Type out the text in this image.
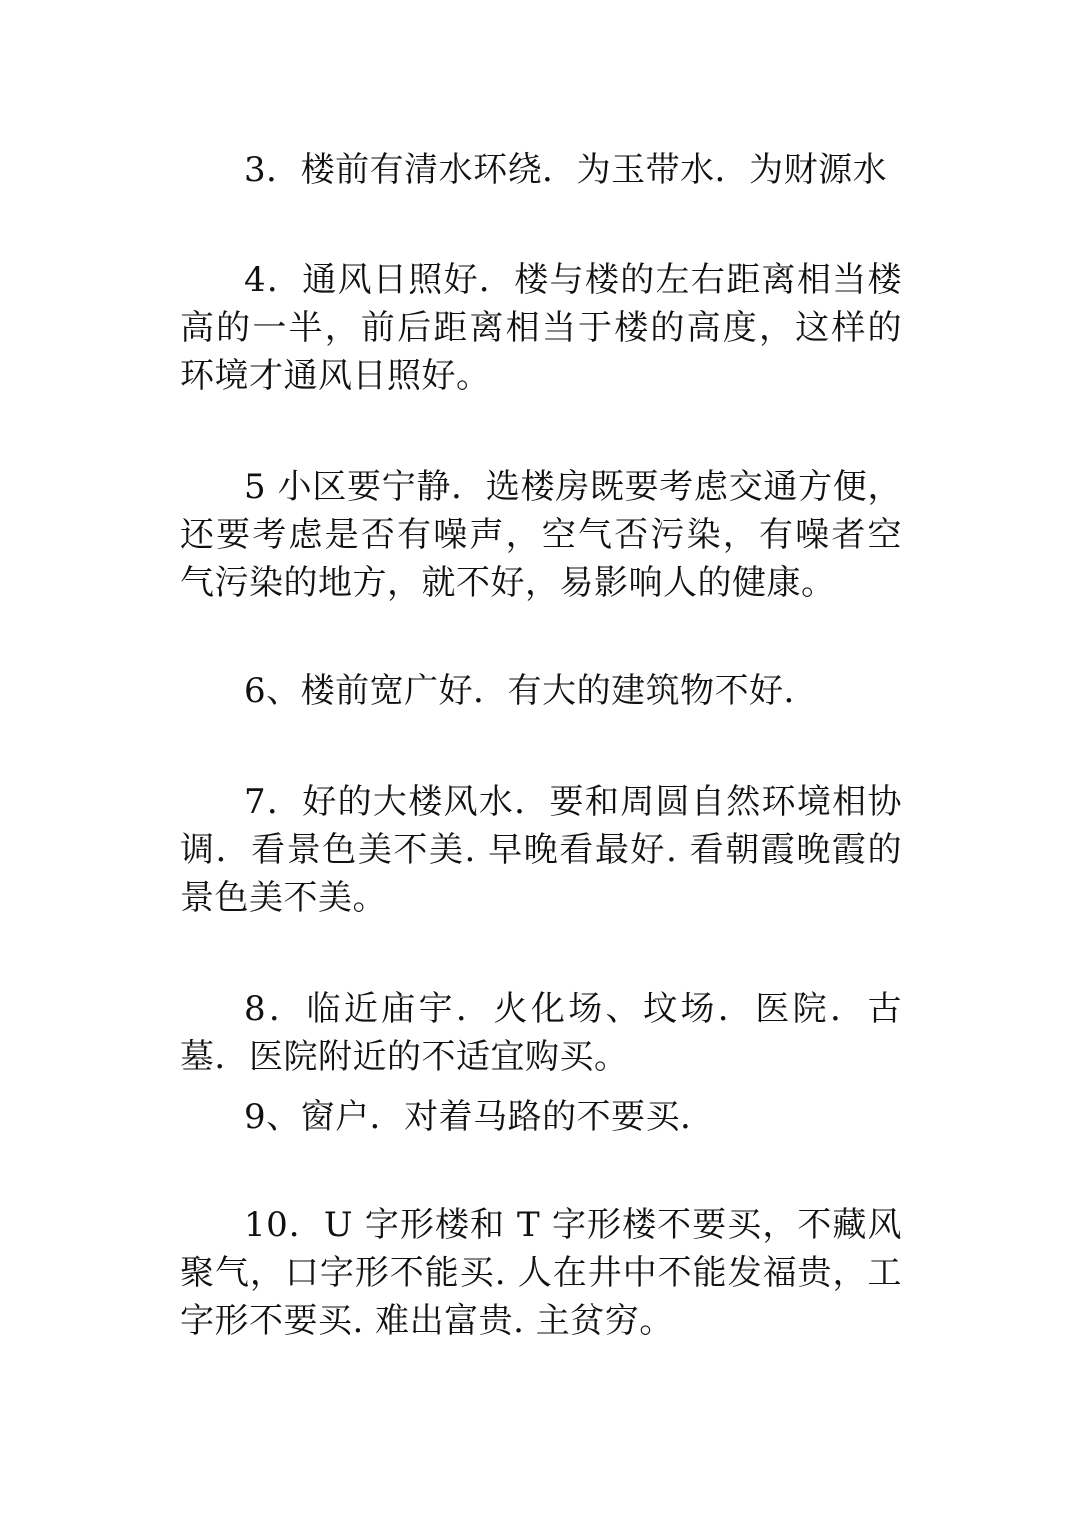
3．楼前有清水环绕．为玉带水．为财源水

4．通风日照好．楼与楼的左右距离相当楼高的一半，前后距离相当于楼的高度，这样的环境才通风日照好。

5 小区要宁静．选楼房既要考虑交通方便，还要考虑是否有噪声，空气否污染，有噪者空气污染的地方，就不好，易影响人的健康。

6、楼前宽广好．有大的建筑物不好．

7．好的大楼风水．要和周圆自然环境相协调．看景色美不美. 早晚看最好. 看朝霞晚霞的景色美不美。

8．临近庙宇．火化场、坟场．医院．古墓．医院附近的不适宜购买。

9、窗户．对着马路的不要买．

10．U 字形楼和 T 字形楼不要买，不藏风聚气，口字形不能买. 人在井中不能发福贵，工字形不要买. 难出富贵. 主贫穷。
